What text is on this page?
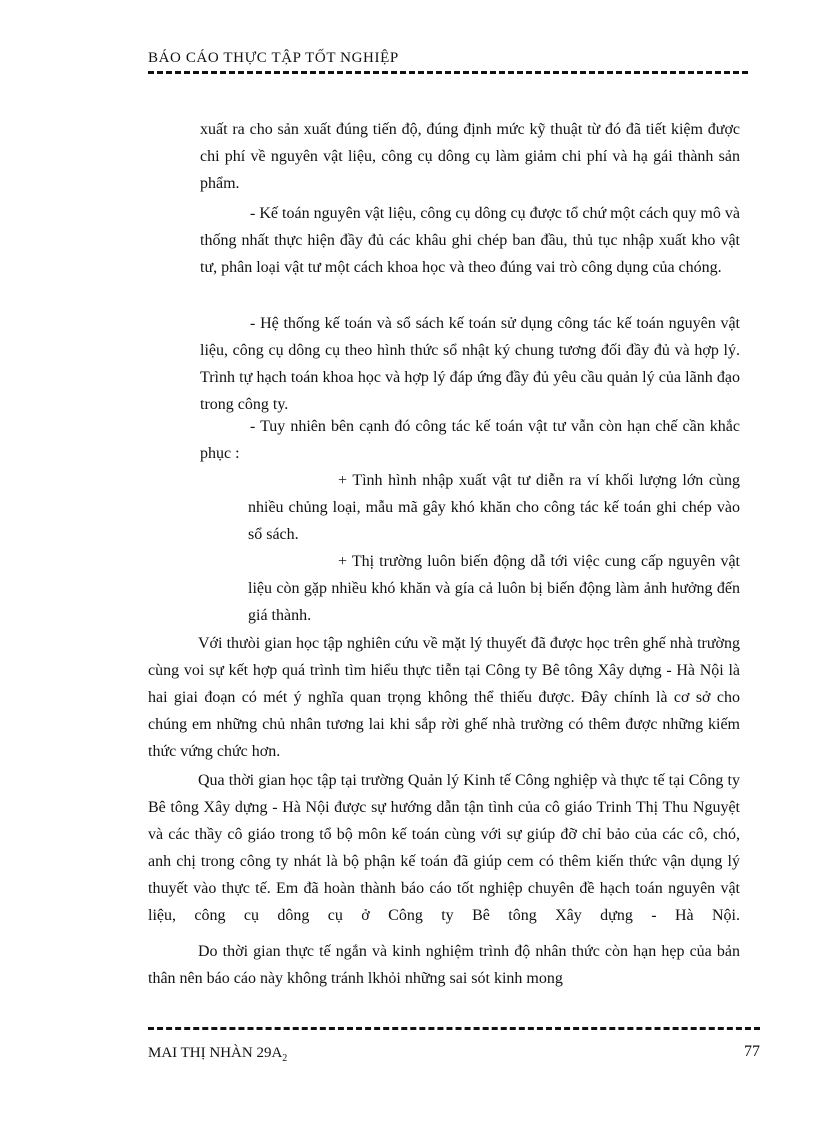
BÁO CÁO THỰC TẬP TỐT NGHIỆP

xuất ra cho sản xuất đúng tiến độ, đúng định mức kỹ thuật từ đó đã tiết kiệm được chi phí về nguyên vật liệu, công cụ dông cụ làm giảm chi phí và hạ gái thành sản phẩm.

- Kế toán nguyên vật liệu, công cụ dông cụ được tổ chứ một cách quy mô và thống nhất thực hiện đầy đủ các khâu ghi chép ban đầu, thủ tục nhập xuất kho vật tư, phân loại vật tư một cách khoa học và theo đúng vai trò công dụng của chóng.

- Hệ thống kế toán và sổ sách kế toán sử dụng công tác kế toán nguyên vật liệu, công cụ dông cụ theo hình thức sổ nhật ký chung tương đối đầy đủ và hợp lý. Trình tự hạch toán khoa học và hợp lý đáp ứng đầy đủ yêu cầu quản lý của lãnh đạo trong công ty.

- Tuy nhiên bên cạnh đó công tác kế toán vật tư vẫn còn hạn chế cần khắc phục :

+ Tình hình nhập xuất vật tư diễn ra ví khối lượng lớn cùng nhiều chủng loại, mẫu mã gây khó khăn cho công tác kế toán ghi chép vào sổ sách.

+ Thị trường luôn biến động dẫ tới việc cung cấp nguyên vật liệu còn gặp nhiều khó khăn và gía cả luôn bị biến động làm ảnh hưởng đến giá thành.

Với thưòi gian học tập nghiên cứu về mặt lý thuyết đã được học trên ghế nhà trường cùng voi sự kết hợp quá trình tìm hiểu thực tiễn tại Công ty Bê tông Xây dựng - Hà Nội là hai giai đoạn có mét ý nghĩa quan trọng không thể thiếu được. Đây chính là cơ sở cho chúng em những chủ nhân tương lai khi sắp rời ghế nhà trường có thêm được những kiếm thức vứng chức hơn.

Qua thời gian học tập tại trường Quản lý Kinh tế Công nghiệp và thực tế tại Công ty Bê tông Xây dựng - Hà Nội được sự hướng dẫn tận tình của cô giáo Trinh Thị Thu Nguyệt và các thầy cô giáo trong tổ bộ môn kế toán cùng với sự giúp đỡ chỉ bảo của các cô, chó, anh chị trong công ty nhát là bộ phận kế toán đã giúp cem có thêm kiến thức vận dụng lý thuyết vào thực tế. Em đã hoàn thành báo cáo tốt nghiệp chuyên đề hạch toán nguyên vật liệu, công cụ dông cụ ở Công ty Bê tông Xây dựng - Hà Nội.

Do thời gian thực tế ngắn và kinh nghiệm trình độ nhân thức còn hạn hẹp của bản thân nên báo cáo này không tránh lkhỏi những sai sót kinh mong

MAI THỊ NHÀN $29A_2$	77
